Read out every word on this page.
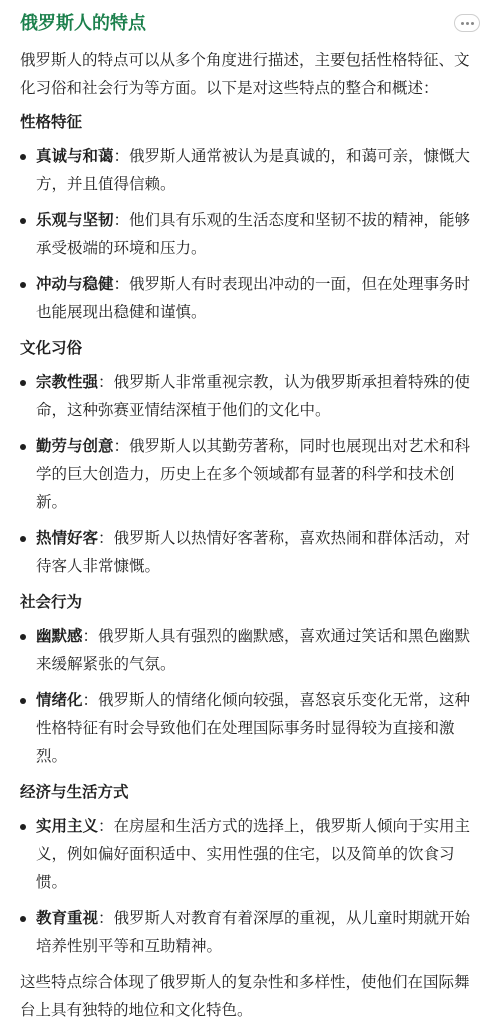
俄罗斯人的特点

俄罗斯人的特点可以从多个角度进行描述，主要包括性格特征、文化习俗和社会行为等方面。以下是对这些特点的整合和概述：

性格特征
真诚与和蔼：俄罗斯人通常被认为是真诚的，和蔼可亲，慷慨大方，并且值得信赖。
乐观与坚韧：他们具有乐观的生活态度和坚韧不拔的精神，能够承受极端的环境和压力。
冲动与稳健：俄罗斯人有时表现出冲动的一面，但在处理事务时也能展现出稳健和谨慎。
文化习俗
宗教性强：俄罗斯人非常重视宗教，认为俄罗斯承担着特殊的使命，这种弥赛亚情结深植于他们的文化中。
勤劳与创意：俄罗斯人以其勤劳著称，同时也展现出对艺术和科学的巨大创造力，历史上在多个领域都有显著的科学和技术创新。
热情好客：俄罗斯人以热情好客著称，喜欢热闹和群体活动，对待客人非常慷慨。
社会行为
幽默感：俄罗斯人具有强烈的幽默感，喜欢通过笑话和黑色幽默来缓解紧张的气氛。
情绪化：俄罗斯人的情绪化倾向较强，喜怒哀乐变化无常，这种性格特征有时会导致他们在处理国际事务时显得较为直接和激烈。
经济与生活方式
实用主义：在房屋和生活方式的选择上，俄罗斯人倾向于实用主义，例如偏好面积适中、实用性强的住宅，以及简单的饮食习惯。
教育重视：俄罗斯人对教育有着深厚的重视，从儿童时期就开始培养性别平等和互助精神。

这些特点综合体现了俄罗斯人的复杂性和多样性，使他们在国际舞台上具有独特的地位和文化特色。
